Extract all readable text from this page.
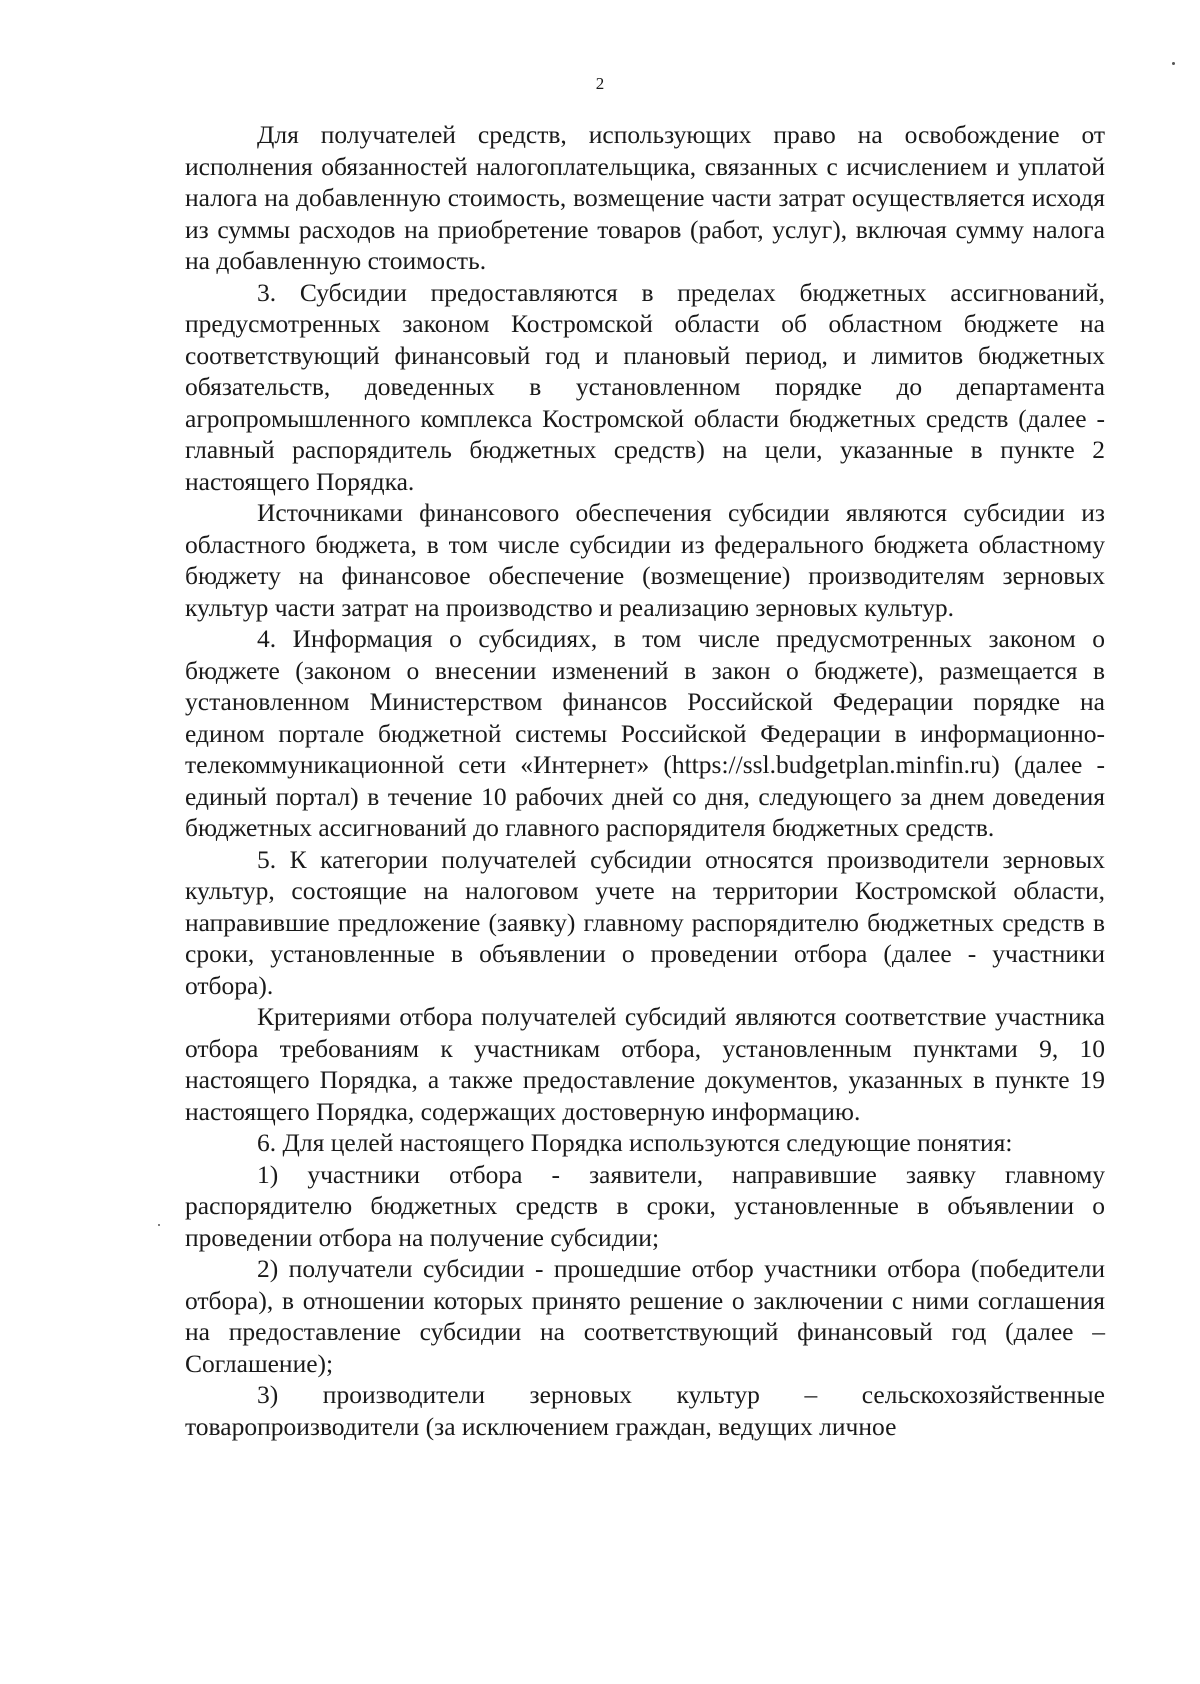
2

Для получателей средств, использующих право на освобождение от исполнения обязанностей налогоплательщика, связанных с исчислением и уплатой налога на добавленную стоимость, возмещение части затрат осуществляется исходя из суммы расходов на приобретение товаров (работ, услуг), включая сумму налога на добавленную стоимость.

3. Субсидии предоставляются в пределах бюджетных ассигнований, предусмотренных законом Костромской области об областном бюджете на соответствующий финансовый год и плановый период, и лимитов бюджетных обязательств, доведенных в установленном порядке до департамента агропромышленного комплекса Костромской области бюджетных средств (далее - главный распорядитель бюджетных средств) на цели, указанные в пункте 2 настоящего Порядка.

Источниками финансового обеспечения субсидии являются субсидии из областного бюджета, в том числе субсидии из федерального бюджета областному бюджету на финансовое обеспечение (возмещение) производителям зерновых культур части затрат на производство и реализацию зерновых культур.

4. Информация о субсидиях, в том числе предусмотренных законом о бюджете (законом о внесении изменений в закон о бюджете), размещается в установленном Министерством финансов Российской Федерации порядке на едином портале бюджетной системы Российской Федерации в информационно-телекоммуникационной сети «Интернет» (https://ssl.budgetplan.minfin.ru) (далее - единый портал) в течение 10 рабочих дней со дня, следующего за днем доведения бюджетных ассигнований до главного распорядителя бюджетных средств.

5. К категории получателей субсидии относятся производители зерновых культур, состоящие на налоговом учете на территории Костромской области, направившие предложение (заявку) главному распорядителю бюджетных средств в сроки, установленные в объявлении о проведении отбора (далее - участники отбора).

Критериями отбора получателей субсидий являются соответствие участника отбора требованиям к участникам отбора, установленным пунктами 9, 10 настоящего Порядка, а также предоставление документов, указанных в пункте 19 настоящего Порядка, содержащих достоверную информацию.

6. Для целей настоящего Порядка используются следующие понятия:

1) участники отбора - заявители, направившие заявку главному распорядителю бюджетных средств в сроки, установленные в объявлении о проведении отбора на получение субсидии;

2) получатели субсидии - прошедшие отбор участники отбора (победители отбора), в отношении которых принято решение о заключении с ними соглашения на предоставление субсидии на соответствующий финансовый год (далее – Соглашение);

3) производители зерновых культур – сельскохозяйственные товаропроизводители (за исключением граждан, ведущих личное
